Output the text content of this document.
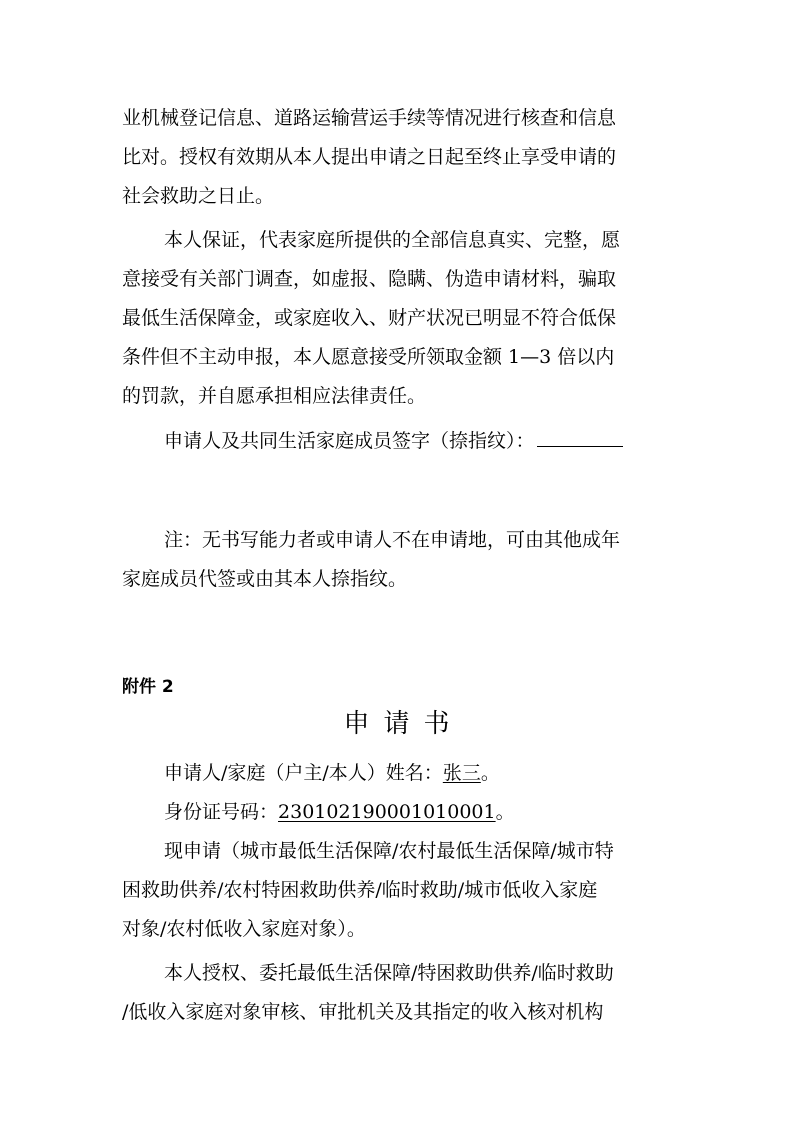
业机械登记信息、道路运输营运手续等情况进行核查和信息
比对。授权有效期从本人提出申请之日起至终止享受申请的
社会救助之日止。
本人保证，代表家庭所提供的全部信息真实、完整，愿
意接受有关部门调查，如虚报、隐瞒、伪造申请材料，骗取
最低生活保障金，或家庭收入、财产状况已明显不符合低保
条件但不主动申报，本人愿意接受所领取金额 1—3 倍以内
的罚款，并自愿承担相应法律责任。
申请人及共同生活家庭成员签字（捺指纹）：
注：无书写能力者或申请人不在申请地，可由其他成年
家庭成员代签或由其本人捺指纹。
附件 2
申请书
申请人/家庭（户主/本人）姓名：张三。
身份证号码：230102190001010001。
现申请（城市最低生活保障/农村最低生活保障/城市特
困救助供养/农村特困救助供养/临时救助/城市低收入家庭
对象/农村低收入家庭对象）。
本人授权、委托最低生活保障/特困救助供养/临时救助
/低收入家庭对象审核、审批机关及其指定的收入核对机构
